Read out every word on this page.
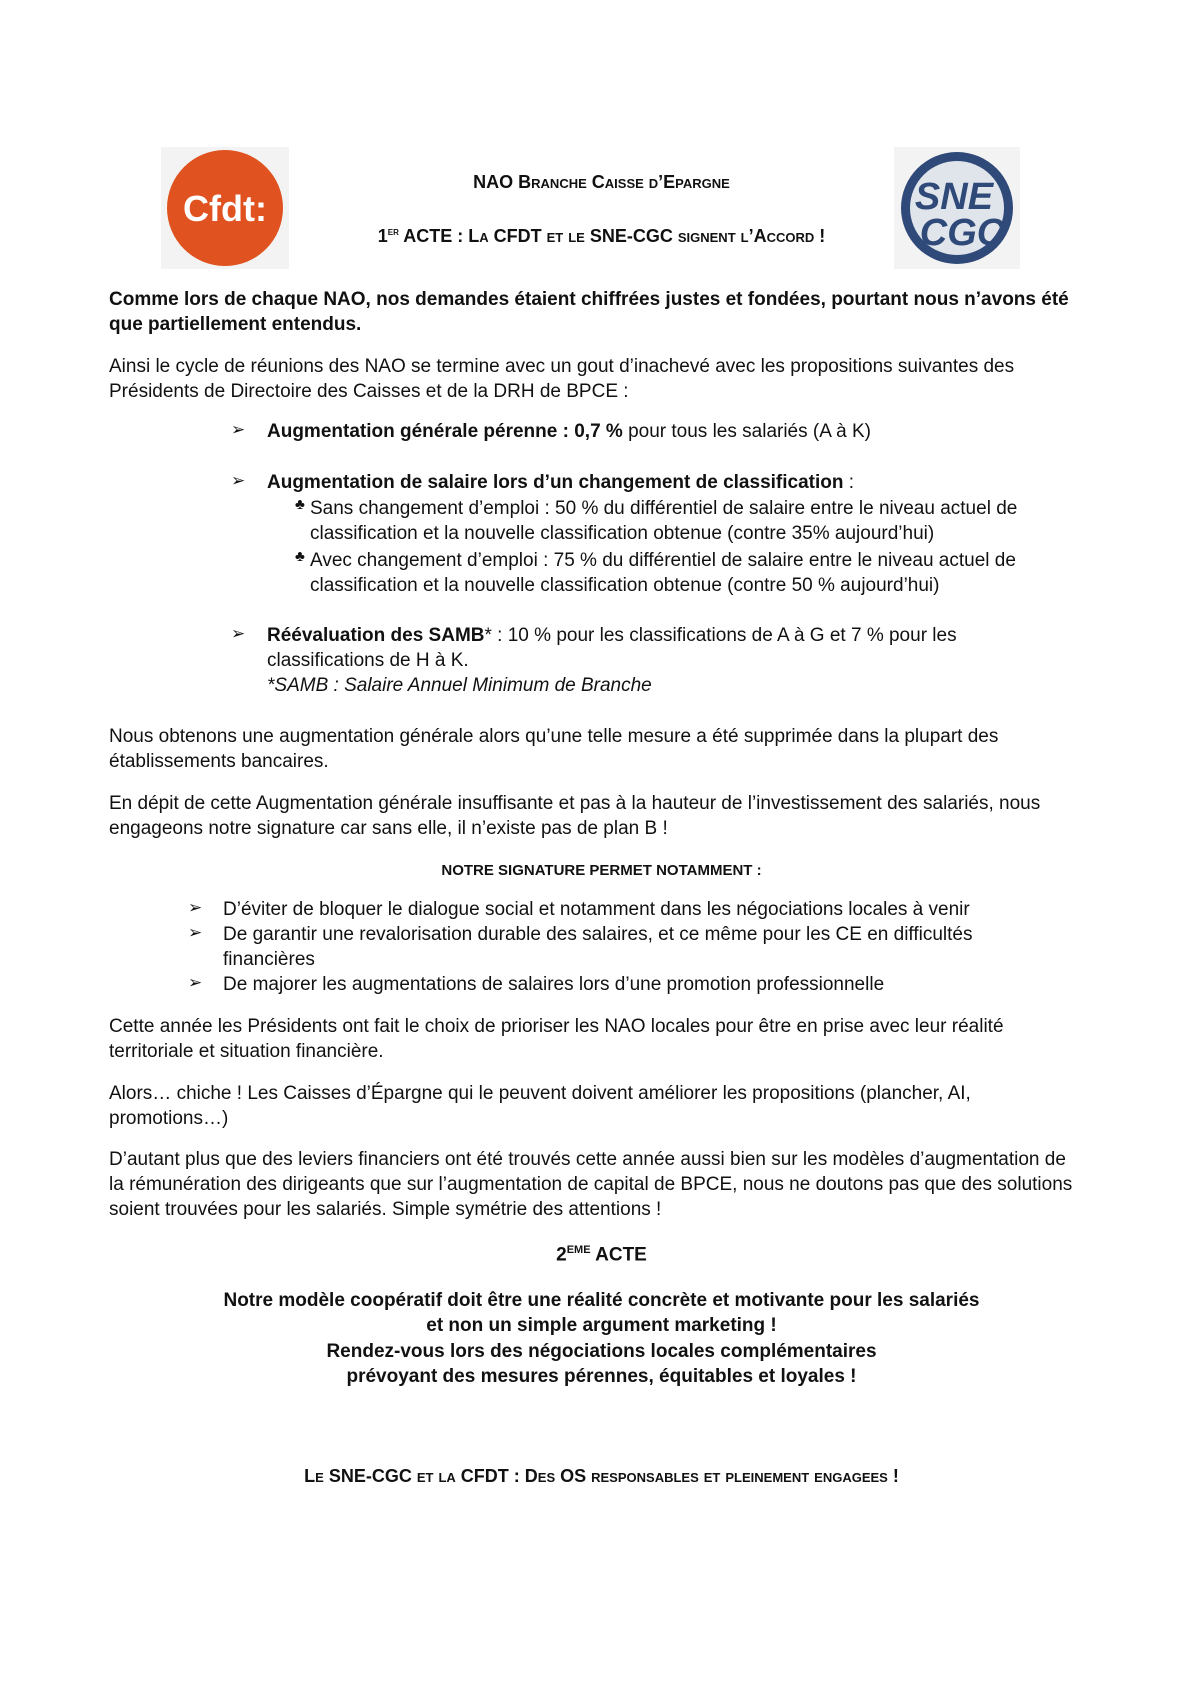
Cfdt:	SNE
CGC
NAO Branche Caisse d’Epargne
1er ACTE : La CFDT et le SNE-CGC signent l’Accord !
Comme lors de chaque NAO, nos demandes étaient chiffrées justes et fondées, pourtant nous n’avons été que partiellement entendus.
Ainsi le cycle de réunions des NAO se termine avec un gout d’inachevé avec les propositions suivantes des Présidents de Directoire des Caisses et de la DRH de BPCE :
➢ Augmentation générale pérenne : 0,7 % pour tous les salariés (A à K)
➢ Augmentation de salaire lors d’un changement de classification :
♣ Sans changement d’emploi : 50 % du différentiel de salaire entre le niveau actuel de classification et la nouvelle classification obtenue (contre 35% aujourd’hui)
♣ Avec changement d’emploi : 75 % du différentiel de salaire entre le niveau actuel de classification et la nouvelle classification obtenue (contre 50 % aujourd’hui)
➢ Réévaluation des SAMB* : 10 % pour les classifications de A à G et 7 % pour les classifications de H à K.
*SAMB : Salaire Annuel Minimum de Branche
Nous obtenons une augmentation générale alors qu’une telle mesure a été supprimée dans la plupart des établissements bancaires.
En dépit de cette Augmentation générale insuffisante et pas à la hauteur de l’investissement des salariés, nous engageons notre signature car sans elle, il n’existe pas de plan B !
NOTRE SIGNATURE PERMET NOTAMMENT :
➢ D’éviter de bloquer le dialogue social et notamment dans les négociations locales à venir
➢ De garantir une revalorisation durable des salaires, et ce même pour les CE en difficultés financières
➢ De majorer les augmentations de salaires lors d’une promotion professionnelle
Cette année les Présidents ont fait le choix de prioriser les NAO locales pour être en prise avec leur réalité territoriale et situation financière.
Alors… chiche ! Les Caisses d’Épargne qui le peuvent doivent améliorer les propositions (plancher, AI, promotions…)
D’autant plus que des leviers financiers ont été trouvés cette année aussi bien sur les modèles d’augmentation de la rémunération des dirigeants que sur l’augmentation de capital de BPCE, nous ne doutons pas que des solutions soient trouvées pour les salariés. Simple symétrie des attentions !
2EME ACTE
Notre modèle coopératif doit être une réalité concrète et motivante pour les salariés
et non un simple argument marketing !
Rendez-vous lors des négociations locales complémentaires
prévoyant des mesures pérennes, équitables et loyales !
Le SNE-CGC et la CFDT : Des OS responsables et pleinement engagees !
